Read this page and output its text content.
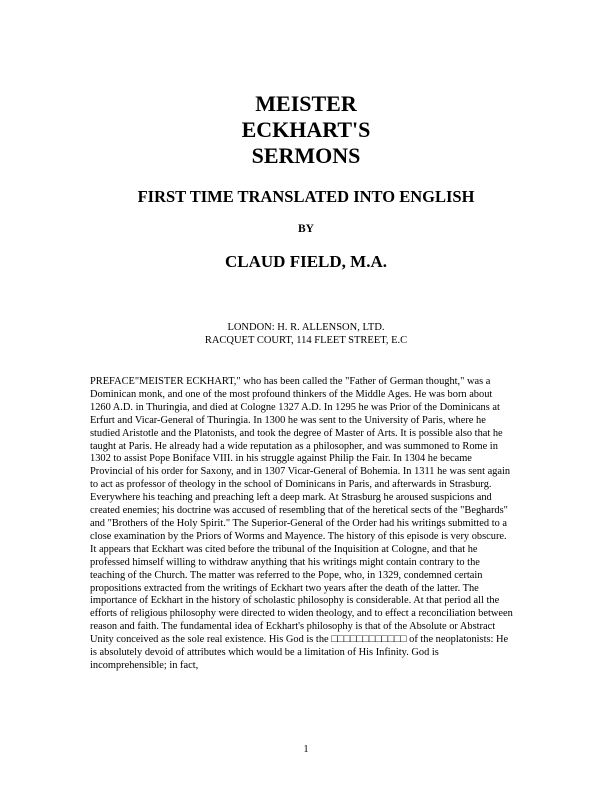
MEISTER
ECKHART'S
SERMONS
FIRST TIME TRANSLATED INTO ENGLISH

BY

CLAUD FIELD, M.A.
LONDON: H. R. ALLENSON, LTD.
RACQUET COURT, 114 FLEET STREET, E.C

PREFACE"MEISTER ECKHART," who has been called the "Father of German thought," was a Dominican monk, and one of the most profound thinkers of the Middle Ages. He was born about 1260 A.D. in Thuringia, and died at Cologne 1327 A.D. In 1295 he was Prior of the Dominicans at Erfurt and Vicar-General of Thuringia. In 1300 he was sent to the University of Paris, where he studied Aristotle and the Platonists, and took the degree of Master of Arts. It is possible also that he taught at Paris. He already had a wide reputation as a philosopher, and was summoned to Rome in 1302 to assist Pope Boniface VIII. in his struggle against Philip the Fair. In 1304 he became Provincial of his order for Saxony, and in 1307 Vicar-General of Bohemia. In 1311 he was sent again to act as professor of theology in the school of Dominicans in Paris, and afterwards in Strasburg. Everywhere his teaching and preaching left a deep mark. At Strasburg he aroused suspicions and created enemies; his doctrine was accused of resembling that of the heretical sects of the "Beghards" and "Brothers of the Holy Spirit." The Superior-General of the Order had his writings submitted to a close examination by the Priors of Worms and Mayence. The history of this episode is very obscure. It appears that Eckhart was cited before the tribunal of the Inquisition at Cologne, and that he professed himself willing to withdraw anything that his writings might contain contrary to the teaching of the Church. The matter was referred to the Pope, who, in 1329, condemned certain propositions extracted from the writings of Eckhart two years after the death of the latter. The importance of Eckhart in the history of scholastic philosophy is considerable. At that period all the efforts of religious philosophy were directed to widen theology, and to effect a reconciliation between reason and faith. The fundamental idea of Eckhart's philosophy is that of the Absolute or Abstract Unity conceived as the sole real existence. His God is the □□□□□□□□□□□□ of the neoplatonists: He is absolutely devoid of attributes which would be a limitation of His Infinity. God is incomprehensible; in fact,

1
